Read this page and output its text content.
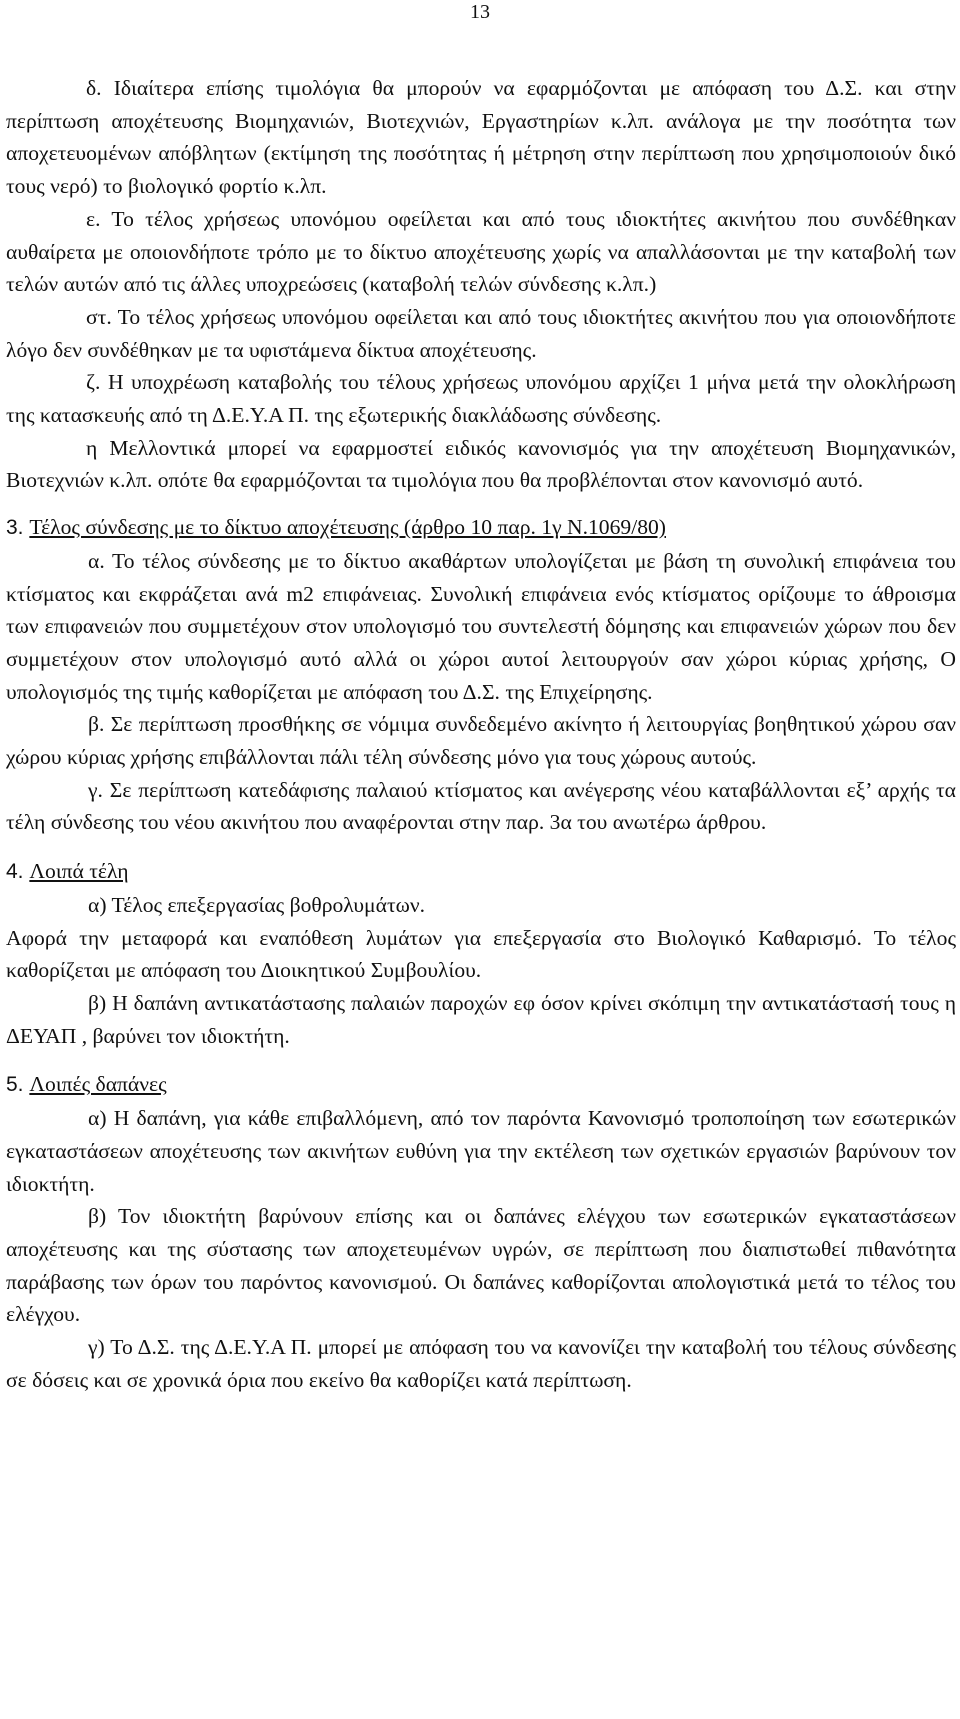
13

δ. Ιδιαίτερα επίσης τιμολόγια θα μπορούν να εφαρμόζονται με απόφαση του Δ.Σ. και στην περίπτωση αποχέτευσης Βιομηχανιών, Βιοτεχνιών, Εργαστηρίων κ.λπ. ανάλογα με την ποσότητα των αποχετευομένων απόβλητων (εκτίμηση της ποσότητας ή μέτρηση στην περίπτωση που χρησιμοποιούν δικό τους νερό) το βιολογικό φορτίο κ.λπ.

ε. Το τέλος χρήσεως υπονόμου οφείλεται και από τους ιδιοκτήτες ακινήτου που συνδέθηκαν αυθαίρετα με οποιονδήποτε τρόπο με το δίκτυο αποχέτευσης χωρίς να απαλλάσονται με την καταβολή των τελών αυτών από τις άλλες υποχρεώσεις (καταβολή τελών σύνδεσης κ.λπ.)

στ. Το τέλος χρήσεως υπονόμου οφείλεται και από τους ιδιοκτήτες ακινήτου που για οποιονδήποτε λόγο δεν συνδέθηκαν με τα υφιστάμενα δίκτυα αποχέτευσης.

ζ. Η υποχρέωση καταβολής του τέλους χρήσεως υπονόμου αρχίζει 1 μήνα μετά την ολοκλήρωση της κατασκευής από τη Δ.Ε.Υ.Α Π. της εξωτερικής διακλάδωσης σύνδεσης.

η Μελλοντικά μπορεί να εφαρμοστεί ειδικός κανονισμός για την αποχέτευση Βιομηχανικών, Βιοτεχνιών κ.λπ. οπότε θα εφαρμόζονται τα τιμολόγια που θα προβλέπονται στον κανονισμό αυτό.

3. Τέλος σύνδεσης με το δίκτυο αποχέτευσης (άρθρο 10 παρ. 1γ Ν.1069/80)

α. Το τέλος σύνδεσης με το δίκτυο ακαθάρτων υπολογίζεται με βάση τη συνολική επιφάνεια του κτίσματος και εκφράζεται ανά m2 επιφάνειας. Συνολική επιφάνεια ενός κτίσματος ορίζουμε το άθροισμα των επιφανειών που συμμετέχουν στον υπολογισμό του συντελεστή δόμησης και επιφανειών χώρων που δεν συμμετέχουν στον υπολογισμό αυτό αλλά οι χώροι αυτοί λειτουργούν σαν χώροι κύριας χρήσης, Ο υπολογισμός της τιμής καθορίζεται με απόφαση του Δ.Σ. της Επιχείρησης.

β. Σε περίπτωση προσθήκης σε νόμιμα συνδεδεμένο ακίνητο ή λειτουργίας βοηθητικού χώρου σαν χώρου κύριας χρήσης επιβάλλονται πάλι τέλη σύνδεσης μόνο για τους χώρους αυτούς.

γ. Σε περίπτωση κατεδάφισης παλαιού κτίσματος και ανέγερσης νέου καταβάλλονται εξ’ αρχής τα τέλη σύνδεσης του νέου ακινήτου που αναφέρονται στην παρ. 3α του ανωτέρω άρθρου.

4. Λοιπά τέλη

α) Τέλος επεξεργασίας βοθρολυμάτων.

Αφορά την μεταφορά και εναπόθεση λυμάτων για επεξεργασία στο Βιολογικό Καθαρισμό. Το τέλος καθορίζεται με απόφαση του Διοικητικού Συμβουλίου.

β) Η δαπάνη αντικατάστασης παλαιών παροχών εφ όσον κρίνει σκόπιμη την αντικατάστασή τους η ΔΕΥΑΠ , βαρύνει τον ιδιοκτήτη.

5. Λοιπές δαπάνες

α) Η δαπάνη, για κάθε επιβαλλόμενη, από τον παρόντα Κανονισμό τροποποίηση των εσωτερικών εγκαταστάσεων αποχέτευσης των ακινήτων ευθύνη για την εκτέλεση των σχετικών εργασιών βαρύνουν τον ιδιοκτήτη.

β) Τον ιδιοκτήτη βαρύνουν επίσης και οι δαπάνες ελέγχου των εσωτερικών εγκαταστάσεων αποχέτευσης και της σύστασης των αποχετευμένων υγρών, σε περίπτωση που διαπιστωθεί πιθανότητα παράβασης των όρων του παρόντος κανονισμού. Οι δαπάνες καθορίζονται απολογιστικά μετά το τέλος του ελέγχου.

γ) Το Δ.Σ. της Δ.Ε.Υ.Α Π. μπορεί με απόφαση του να κανονίζει την καταβολή του τέλους σύνδεσης σε δόσεις και σε χρονικά όρια που εκείνο θα καθορίζει κατά περίπτωση.
